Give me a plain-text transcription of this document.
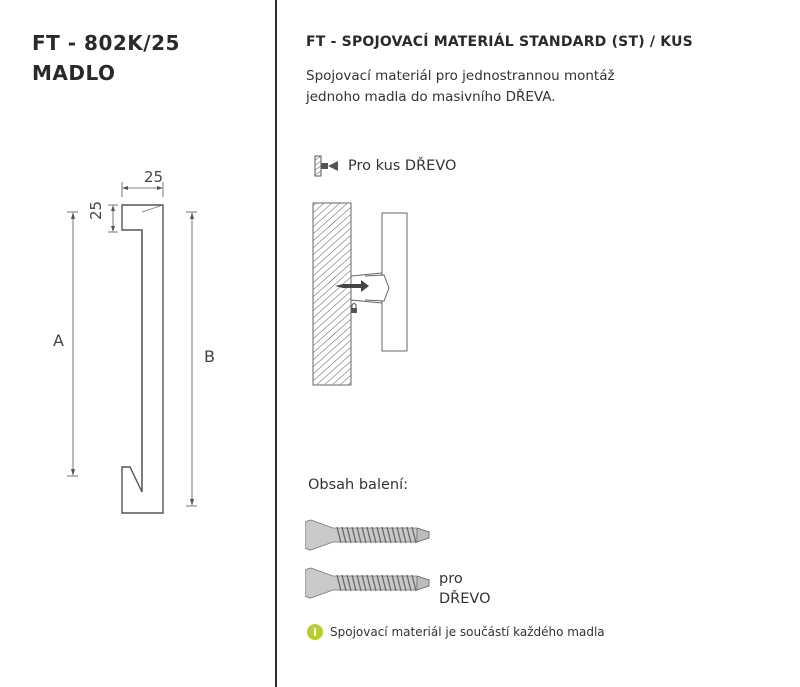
FT - 802K/25
MADLO
25
25
A
B
FT - SPOJOVACÍ MATERIÁL STANDARD (ST) / KUS

Spojovací materiál pro jednostrannou montáž
jednoho madla do masivního DŘEVA.

Pro kus DŘEVO
Obsah balení:
pro
DŘEVO
i	Spojovací materiál je součástí každého madla
